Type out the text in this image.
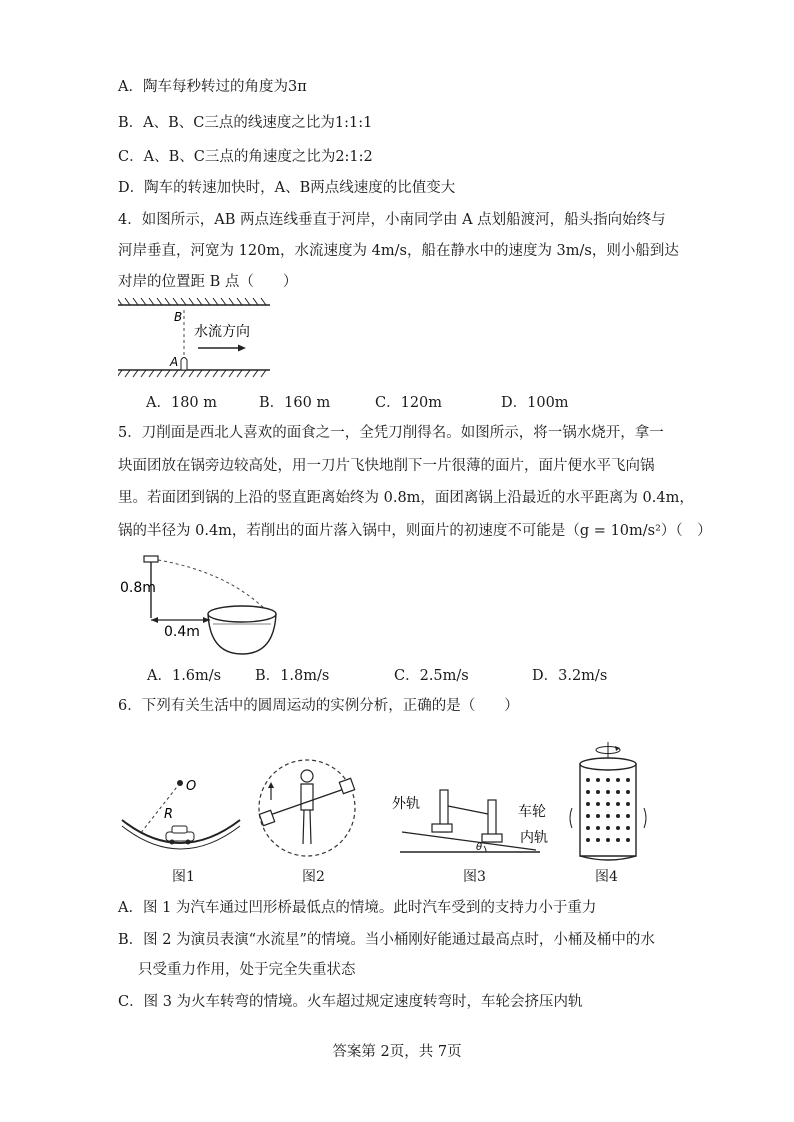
A．陶车每秒转过的角度为3π
B．A、B、C三点的线速度之比为1:1:1
C．A、B、C三点的角速度之比为2:1:2
D．陶车的转速加快时，A、B两点线速度的比值变大
4．如图所示，AB 两点连线垂直于河岸，小南同学由 A 点划船渡河，船头指向始终与
河岸垂直，河宽为 120m，水流速度为 4m/s，船在静水中的速度为 3m/s，则小船到达
对岸的位置距 B 点（　　）
B
A
水流方向
A．180 m	B．160 m	C．120m	D．100m
5．刀削面是西北人喜欢的面食之一，全凭刀削得名。如图所示，将一锅水烧开，拿一
块面团放在锅旁边较高处，用一刀片飞快地削下一片很薄的面片，面片便水平飞向锅
里。若面团到锅的上沿的竖直距离始终为 0.8m，面团离锅上沿最近的水平距离为 0.4m，
锅的半径为 0.4m，若削出的面片落入锅中，则面片的初速度不可能是（g = 10m/s²）（　）
0.8m
0.4m
A．1.6m/s B．1.8m/s	C．2.5m/s	D．3.2m/s
6．下列有关生活中的圆周运动的实例分析，正确的是（　　）
O
R
θ
外轨	车轮
内轨
图1	图2	图3	图4
A．图 1 为汽车通过凹形桥最低点的情境。此时汽车受到的支持力小于重力
B．图 2 为演员表演“水流星”的情境。当小桶刚好能通过最高点时，小桶及桶中的水
只受重力作用，处于完全失重状态
C．图 3 为火车转弯的情境。火车超过规定速度转弯时，车轮会挤压内轨
答案第 2页，共 7页
